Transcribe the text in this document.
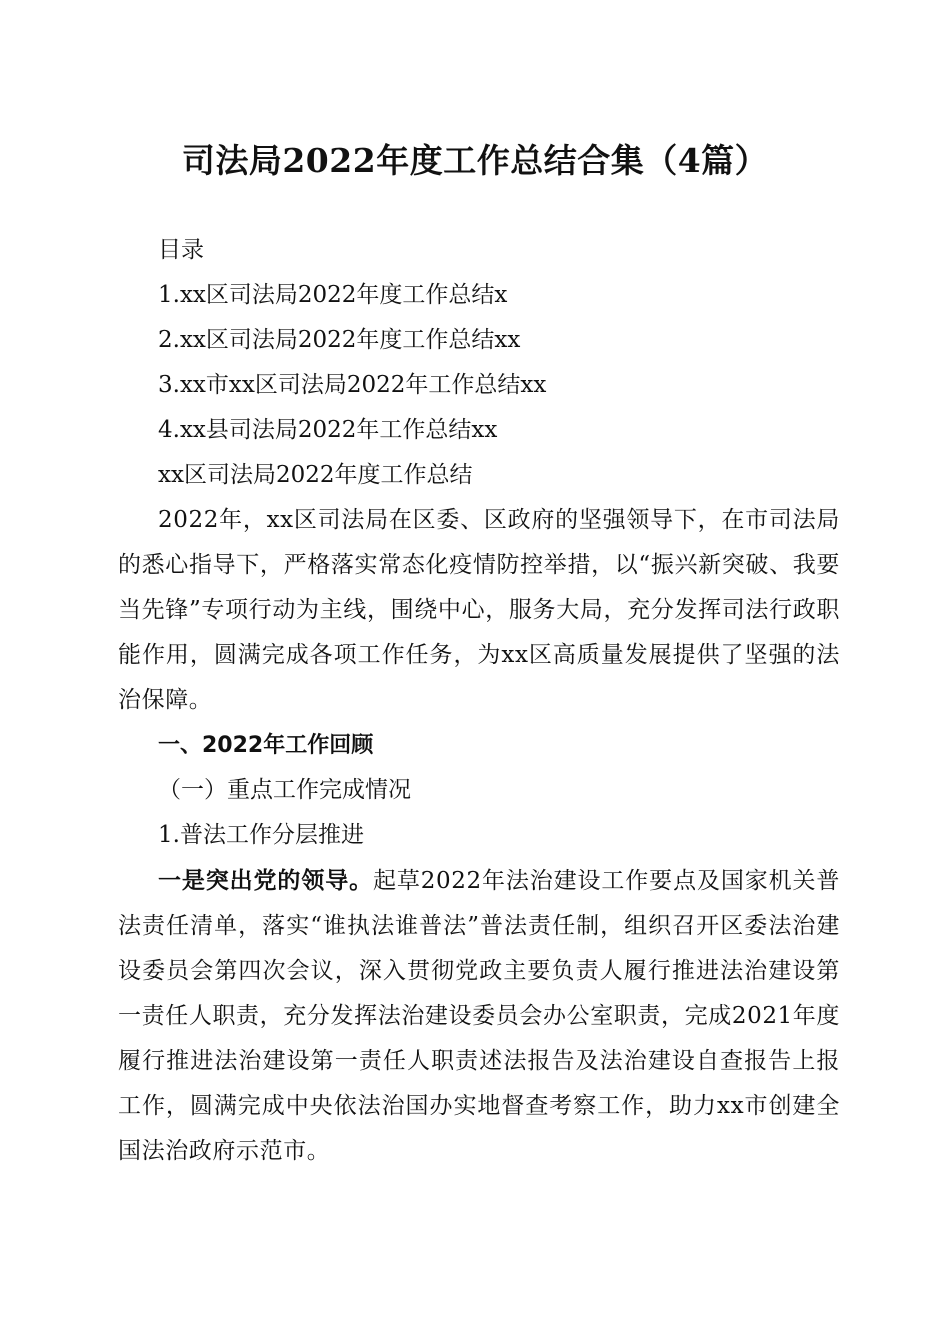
司法局2022年度工作总结合集（4篇）

目录

1.xx区司法局2022年度工作总结x

2.xx区司法局2022年度工作总结xx

3.xx市xx区司法局2022年工作总结xx

4.xx县司法局2022年工作总结xx

xx区司法局2022年度工作总结

2022年，xx区司法局在区委、区政府的坚强领导下，在市司法局的悉心指导下，严格落实常态化疫情防控举措，以“振兴新突破、我要当先锋”专项行动为主线，围绕中心，服务大局，充分发挥司法行政职能作用，圆满完成各项工作任务，为xx区高质量发展提供了坚强的法治保障。

一、2022年工作回顾

（一）重点工作完成情况

1.普法工作分层推进

一是突出党的领导。起草2022年法治建设工作要点及国家机关普法责任清单，落实“谁执法谁普法”普法责任制，组织召开区委法治建设委员会第四次会议，深入贯彻党政主要负责人履行推进法治建设第一责任人职责，充分发挥法治建设委员会办公室职责，完成2021年度履行推进法治建设第一责任人职责述法报告及法治建设自查报告上报工作，圆满完成中央依法治国办实地督查考察工作，助力xx市创建全国法治政府示范市。
